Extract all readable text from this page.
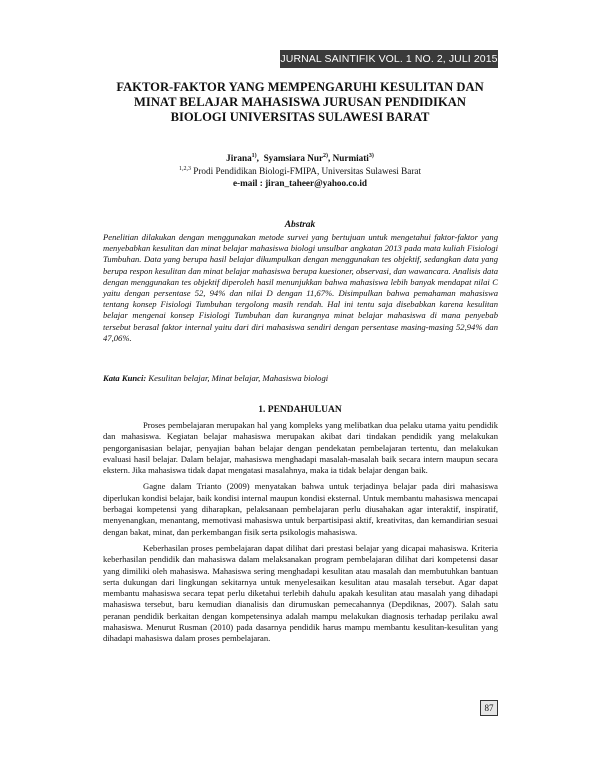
JURNAL SAINTIFIK VOL. 1 NO. 2, JULI 2015
FAKTOR-FAKTOR YANG MEMPENGARUHI KESULITAN DAN
MINAT BELAJAR MAHASISWA JURUSAN PENDIDIKAN
BIOLOGI UNIVERSITAS SULAWESI BARAT
Jirana$^{1)}$,  Syamsiara Nur$^{2)}$, Nurmiati$^{3)}$
$^{1,2,3}$ Prodi Pendidikan Biologi-FMIPA, Universitas Sulawesi Barat
e-mail : jiran_taheer@yahoo.co.id
Abstrak
Penelitian dilakukan dengan menggunakan metode survei yang bertujuan untuk mengetahui faktor-faktor yang menyebabkan kesulitan dan minat belajar mahasiswa biologi unsulbar angkatan 2013 pada mata kuliah Fisiologi Tumbuhan. Data yang berupa hasil belajar dikumpulkan dengan menggunakan tes objektif, sedangkan data yang berupa respon kesulitan dan minat belajar mahasiswa berupa kuesioner, observasi, dan wawancara. Analisis data dengan menggunakan tes objektif diperoleh hasil menunjukkan bahwa mahasiswa lebih banyak mendapat nilai C yaitu dengan persentase 52, 94% dan nilai D dengan 11,67%. Disimpulkan bahwa pemahaman mahasiswa tentang konsep Fisiologi Tumbuhan tergolong masih rendah. Hal ini tentu saja disebabkan karena kesulitan belajar mengenai konsep Fisiologi Tumbuhan dan kurangnya minat belajar mahasiswa di mana penyebab tersebut berasal faktor internal yaitu dari diri mahasiswa sendiri dengan persentase masing-masing 52,94% dan 47,06%.
Kata Kunci: Kesulitan belajar, Minat belajar, Mahasiswa biologi
1. PENDAHULUAN

Proses pembelajaran merupakan hal yang kompleks yang melibatkan dua pelaku utama yaitu pendidik dan mahasiswa. Kegiatan belajar mahasiswa merupakan akibat dari tindakan pendidik yang melakukan pengorganisasian belajar, penyajian bahan belajar dengan pendekatan pembelajaran tertentu, dan melakukan evaluasi hasil belajar. Dalam belajar, mahasiswa menghadapi masalah-masalah baik secara intern maupun secara ekstern. Jika mahasiswa tidak dapat mengatasi masalahnya, maka ia tidak belajar dengan baik.

Gagne dalam Trianto (2009) menyatakan bahwa untuk terjadinya belajar pada diri mahasiswa diperlukan kondisi belajar, baik kondisi internal maupun kondisi eksternal. Untuk membantu mahasiswa mencapai berbagai kompetensi yang diharapkan, pelaksanaan pembelajaran perlu diusahakan agar interaktif, inspiratif, menyenangkan, menantang, memotivasi mahasiswa untuk berpartisipasi aktif, kreativitas, dan kemandirian sesuai dengan bakat, minat, dan perkembangan fisik serta psikologis mahasiswa.

Keberhasilan proses pembelajaran dapat dilihat dari prestasi belajar yang dicapai mahasiswa. Kriteria keberhasilan pendidik dan mahasiswa dalam melaksanakan program pembelajaran dilihat dari kompetensi dasar yang dimiliki oleh mahasiswa. Mahasiswa sering menghadapi kesulitan atau masalah dan membutuhkan bantuan serta dukungan dari lingkungan sekitarnya untuk menyelesaikan kesulitan atau masalah tersebut. Agar dapat membantu mahasiswa secara tepat perlu diketahui terlebih dahulu apakah kesulitan atau masalah yang dihadapi mahasiswa tersebut, baru kemudian dianalisis dan dirumuskan pemecahannya (Depdiknas, 2007). Salah satu peranan pendidik berkaitan dengan kompetensinya adalah mampu melakukan diagnosis terhadap perilaku awal mahasiswa. Menurut Rusman (2010) pada dasarnya pendidik harus mampu membantu kesulitan-kesulitan yang dihadapi mahasiswa dalam proses pembelajaran.

87
